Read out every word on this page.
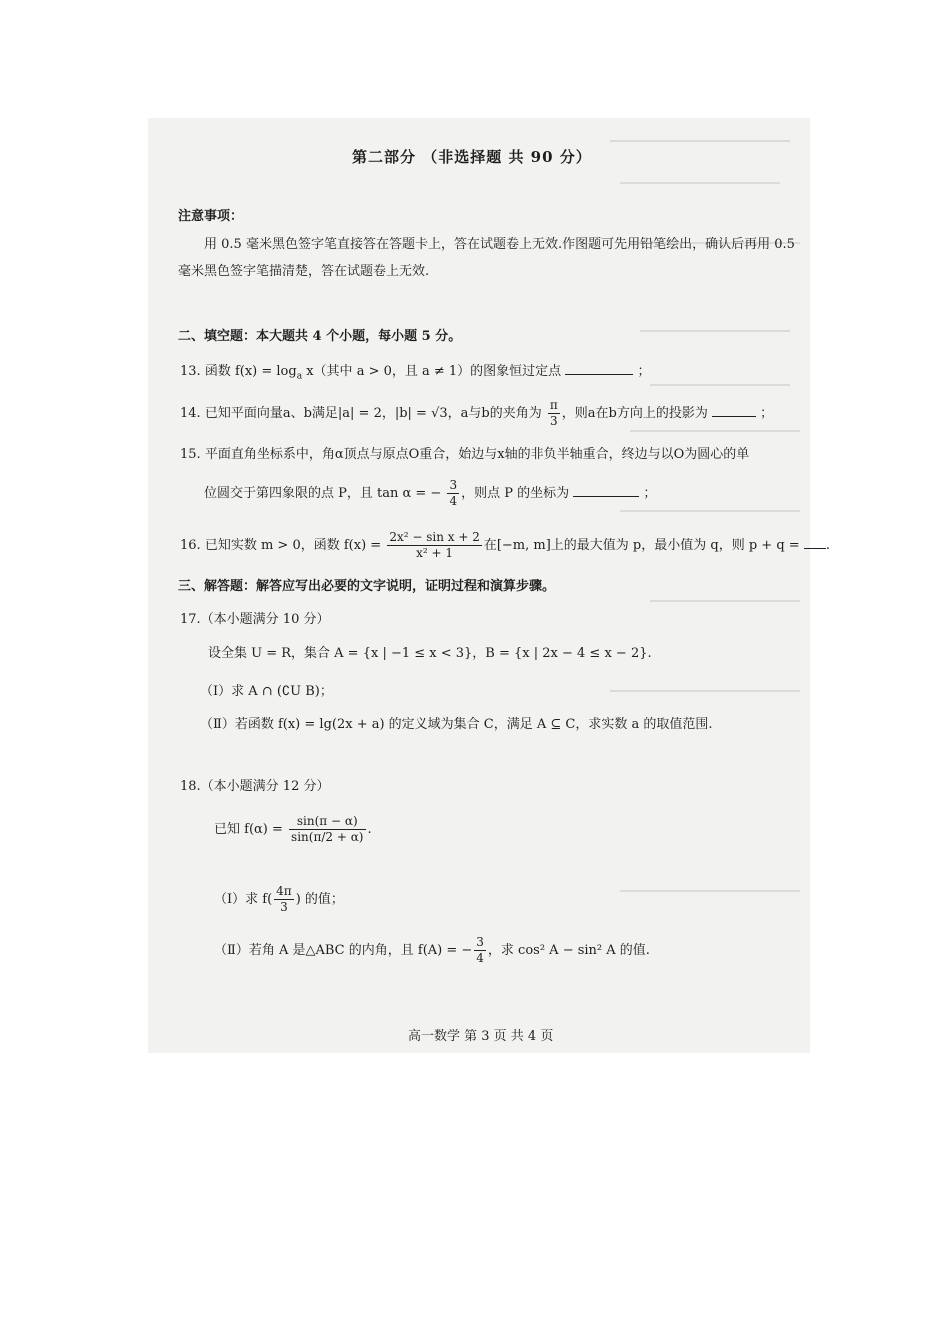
第二部分 （非选择题 共 90 分）
注意事项：
用 0.5 毫米黑色签字笔直接答在答题卡上，答在试题卷上无效.作图题可先用铅笔绘出，确认后再用 0.5
毫米黑色签字笔描清楚，答在试题卷上无效.
二、填空题：本大题共 4 个小题，每小题 5 分。
13. 函数 $f(x) = \log_a x$（其中 a > 0，且 a ≠ 1）的图象恒过定点	；
14. 已知平面向量a、b满足|a| = 2，|b| = √3，a与b的夹角为 $\frac{\pi}{3}$ ，则a在b方向上的投影为	；
15. 平面直角坐标系中，角α顶点与原点O重合，始边与x轴的非负半轴重合，终边与以O为圆心的单
位圆交于第四象限的点 P，且 tan α = − $\frac{3}{4}$ ，则点 P 的坐标为	；
16. 已知实数 m > 0，函数 $f(x) = \frac{\text{2x² − sin x + 2}}{\text{x² + 1}}$ 在[−m, m]上的最大值为 p，最小值为 q，则 p + q = .
三、解答题：解答应写出必要的文字说明，证明过程和演算步骤。
17.（本小题满分 10 分）
设全集 U = R，集合 A = {x | −1 ≤ x < 3}，B = {x | 2x − 4 ≤ x − 2}.
（Ⅰ）求 A ∩ (∁U B)；
（Ⅱ）若函数 f(x) = lg(2x + a) 的定义域为集合 C，满足 A ⊆ C，求实数 a 的取值范围.
18.（本小题满分 12 分）
已知 $f(\alpha) = \frac{\sin(\pi - \alpha)}{\sin(\pi/2 + \alpha)}$ .
（Ⅰ）求 $f( \frac{4\pi}{3}$ ) 的值；
（Ⅱ）若角 A 是△ABC 的内角，且 f(A) = − $\frac{3}{4}$ ，求 cos² A − sin² A 的值.
高一数学 第 3 页 共 4 页
